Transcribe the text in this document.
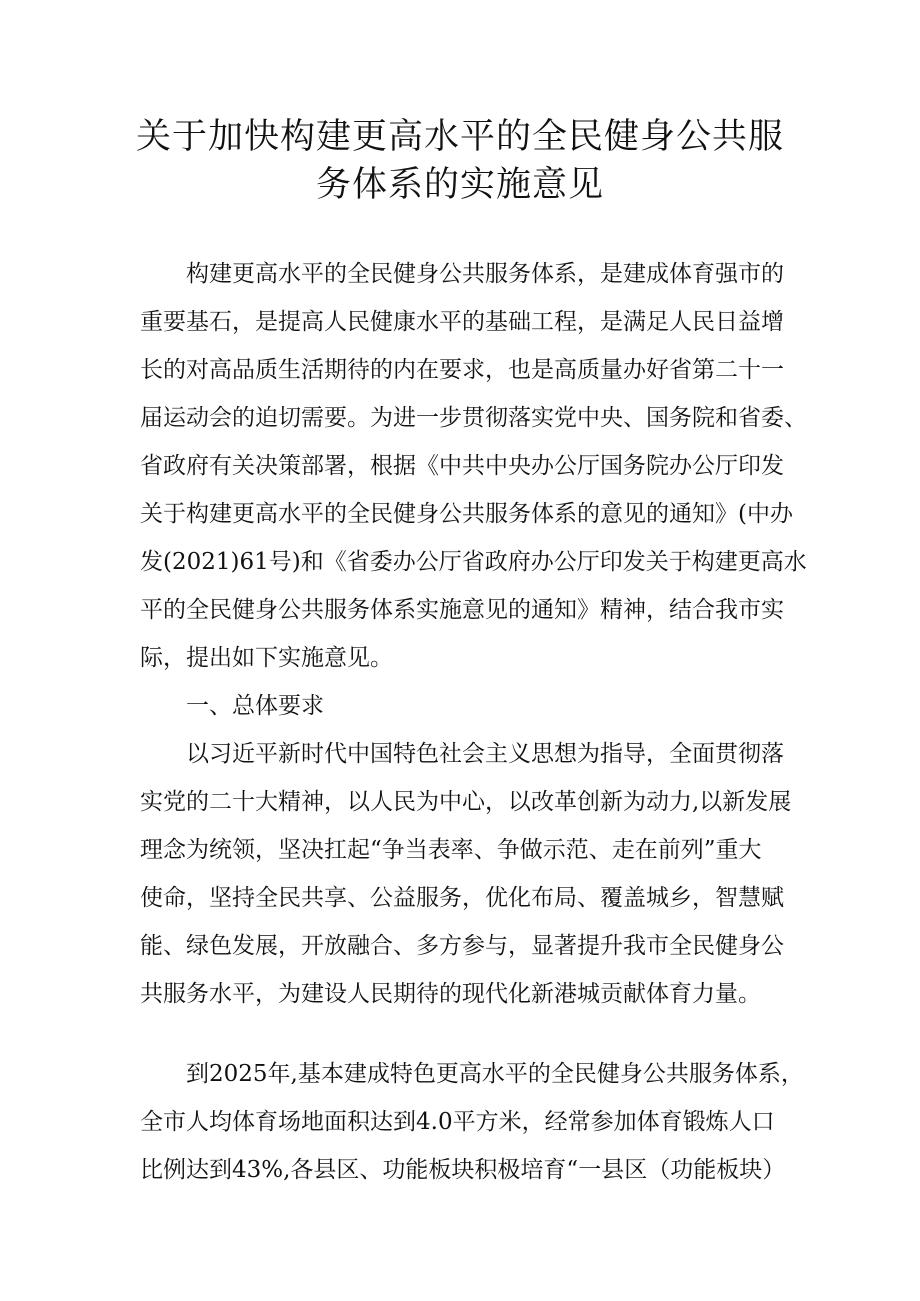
关于加快构建更高水平的全民健身公共服
务体系的实施意见
构建更高水平的全民健身公共服务体系，是建成体育强市的
重要基石，是提高人民健康水平的基础工程，是满足人民日益增
长的对高品质生活期待的内在要求，也是高质量办好省第二十一
届运动会的迫切需要。为进一步贯彻落实党中央、国务院和省委、
省政府有关决策部署，根据《中共中央办公厅国务院办公厅印发
关于构建更高水平的全民健身公共服务体系的意见的通知》(中办
发(2021)61号)和《省委办公厅省政府办公厅印发关于构建更高水
平的全民健身公共服务体系实施意见的通知》精神，结合我市实
际，提出如下实施意见。
一、总体要求
以习近平新时代中国特色社会主义思想为指导，全面贯彻落
实党的二十大精神，以人民为中心，以改革创新为动力,以新发展
理念为统领，坚决扛起“争当表率、争做示范、走在前列”重大
使命，坚持全民共享、公益服务，优化布局、覆盖城乡，智慧赋
能、绿色发展，开放融合、多方参与，显著提升我市全民健身公
共服务水平，为建设人民期待的现代化新港城贡献体育力量。
到2025年,基本建成特色更高水平的全民健身公共服务体系，
全市人均体育场地面积达到4.0平方米，经常参加体育锻炼人口
比例达到43%,各县区、功能板块积极培育“一县区（功能板块）
